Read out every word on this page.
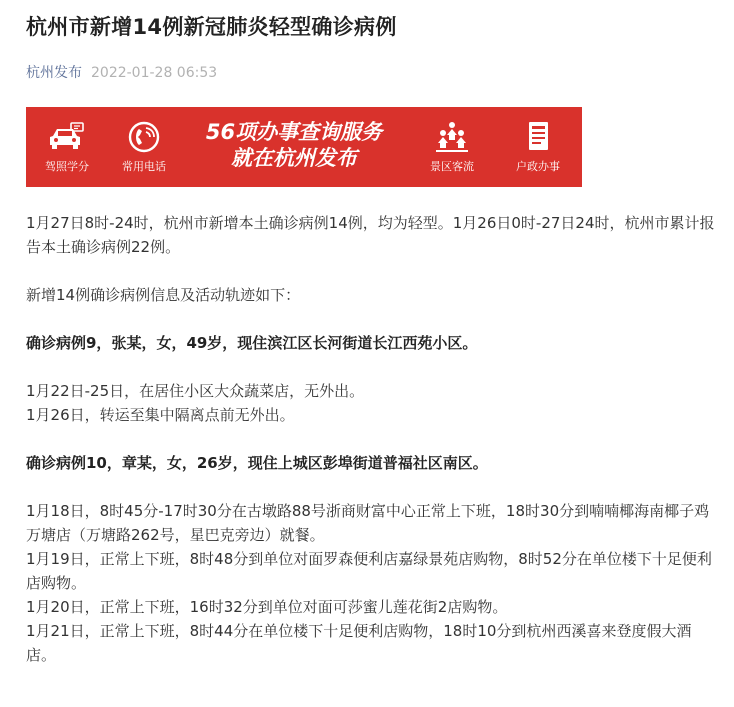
杭州市新增14例新冠肺炎轻型确诊病例
杭州发布 2022-01-28 06:53
驾照学分	常用电话
56项办事查询服务
就在杭州发布	景区客流	户政办事

1月27日8时-24时，杭州市新增本土确诊病例14例，均为轻型。1月26日0时-27日24时，杭州市累计报告本土确诊病例22例。

新增14例确诊病例信息及活动轨迹如下：

确诊病例9，张某，女，49岁，现住滨江区长河街道长江西苑小区。

1月22日-25日，在居住小区大众蔬菜店，无外出。

1月26日，转运至集中隔离点前无外出。

确诊病例10，章某，女，26岁，现住上城区彭埠街道普福社区南区。

1月18日，8时45分-17时30分在古墩路88号浙商财富中心正常上下班，18时30分到喃喃椰海南椰子鸡万塘店（万塘路262号，星巴克旁边）就餐。

1月19日，正常上下班，8时48分到单位对面罗森便利店嘉绿景苑店购物，8时52分在单位楼下十足便利店购物。

1月20日，正常上下班，16时32分到单位对面可莎蜜儿莲花街2店购物。

1月21日，正常上下班，8时44分在单位楼下十足便利店购物，18时10分到杭州西溪喜来登度假大酒店。
